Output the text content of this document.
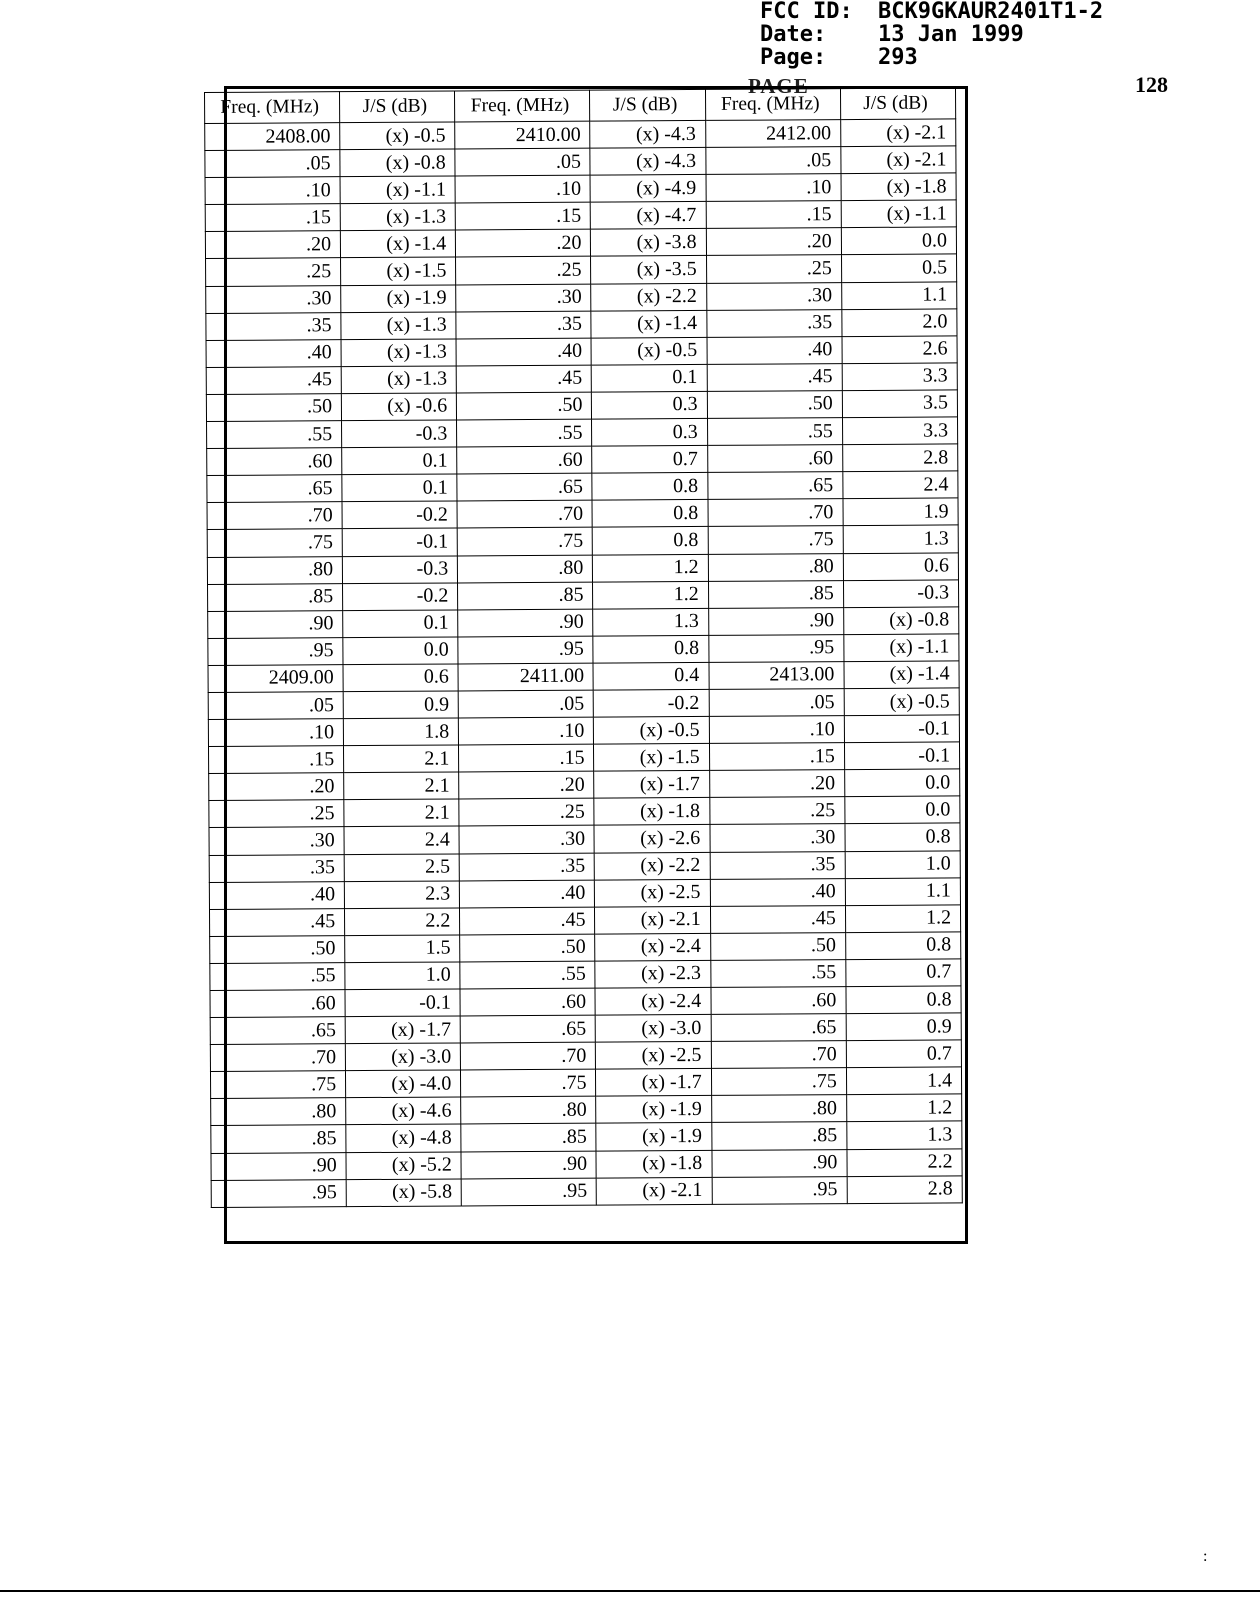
FCC ID:	BCK9GKAUR2401T1-2
Date:	13 Jan 1999
Page:	293
PAGE	128
Freq. (MHz)	J/S (dB)	Freq. (MHz)	J/S (dB)	Freq. (MHz)	J/S (dB)
2408.00	(x) -0.5	2410.00	(x) -4.3	2412.00	(x) -2.1
.05	(x) -0.8	.05	(x) -4.3	.05	(x) -2.1
.10	(x) -1.1	.10	(x) -4.9	.10	(x) -1.8
.15	(x) -1.3	.15	(x) -4.7	.15	(x) -1.1
.20	(x) -1.4	.20	(x) -3.8	.20	0.0
.25	(x) -1.5	.25	(x) -3.5	.25	0.5
.30	(x) -1.9	.30	(x) -2.2	.30	1.1
.35	(x) -1.3	.35	(x) -1.4	.35	2.0
.40	(x) -1.3	.40	(x) -0.5	.40	2.6
.45	(x) -1.3	.45	0.1	.45	3.3
.50	(x) -0.6	.50	0.3	.50	3.5
.55	-0.3	.55	0.3	.55	3.3
.60	0.1	.60	0.7	.60	2.8
.65	0.1	.65	0.8	.65	2.4
.70	-0.2	.70	0.8	.70	1.9
.75	-0.1	.75	0.8	.75	1.3
.80	-0.3	.80	1.2	.80	0.6
.85	-0.2	.85	1.2	.85	-0.3
.90	0.1	.90	1.3	.90	(x) -0.8
.95	0.0	.95	0.8	.95	(x) -1.1
2409.00	0.6	2411.00	0.4	2413.00	(x) -1.4
.05	0.9	.05	-0.2	.05	(x) -0.5
.10	1.8	.10	(x) -0.5	.10	-0.1
.15	2.1	.15	(x) -1.5	.15	-0.1
.20	2.1	.20	(x) -1.7	.20	0.0
.25	2.1	.25	(x) -1.8	.25	0.0
.30	2.4	.30	(x) -2.6	.30	0.8
.35	2.5	.35	(x) -2.2	.35	1.0
.40	2.3	.40	(x) -2.5	.40	1.1
.45	2.2	.45	(x) -2.1	.45	1.2
.50	1.5	.50	(x) -2.4	.50	0.8
.55	1.0	.55	(x) -2.3	.55	0.7
.60	-0.1	.60	(x) -2.4	.60	0.8
.65	(x) -1.7	.65	(x) -3.0	.65	0.9
.70	(x) -3.0	.70	(x) -2.5	.70	0.7
.75	(x) -4.0	.75	(x) -1.7	.75	1.4
.80	(x) -4.6	.80	(x) -1.9	.80	1.2
.85	(x) -4.8	.85	(x) -1.9	.85	1.3
.90	(x) -5.2	.90	(x) -1.8	.90	2.2
.95	(x) -5.8	.95	(x) -2.1	.95	2.8
:
